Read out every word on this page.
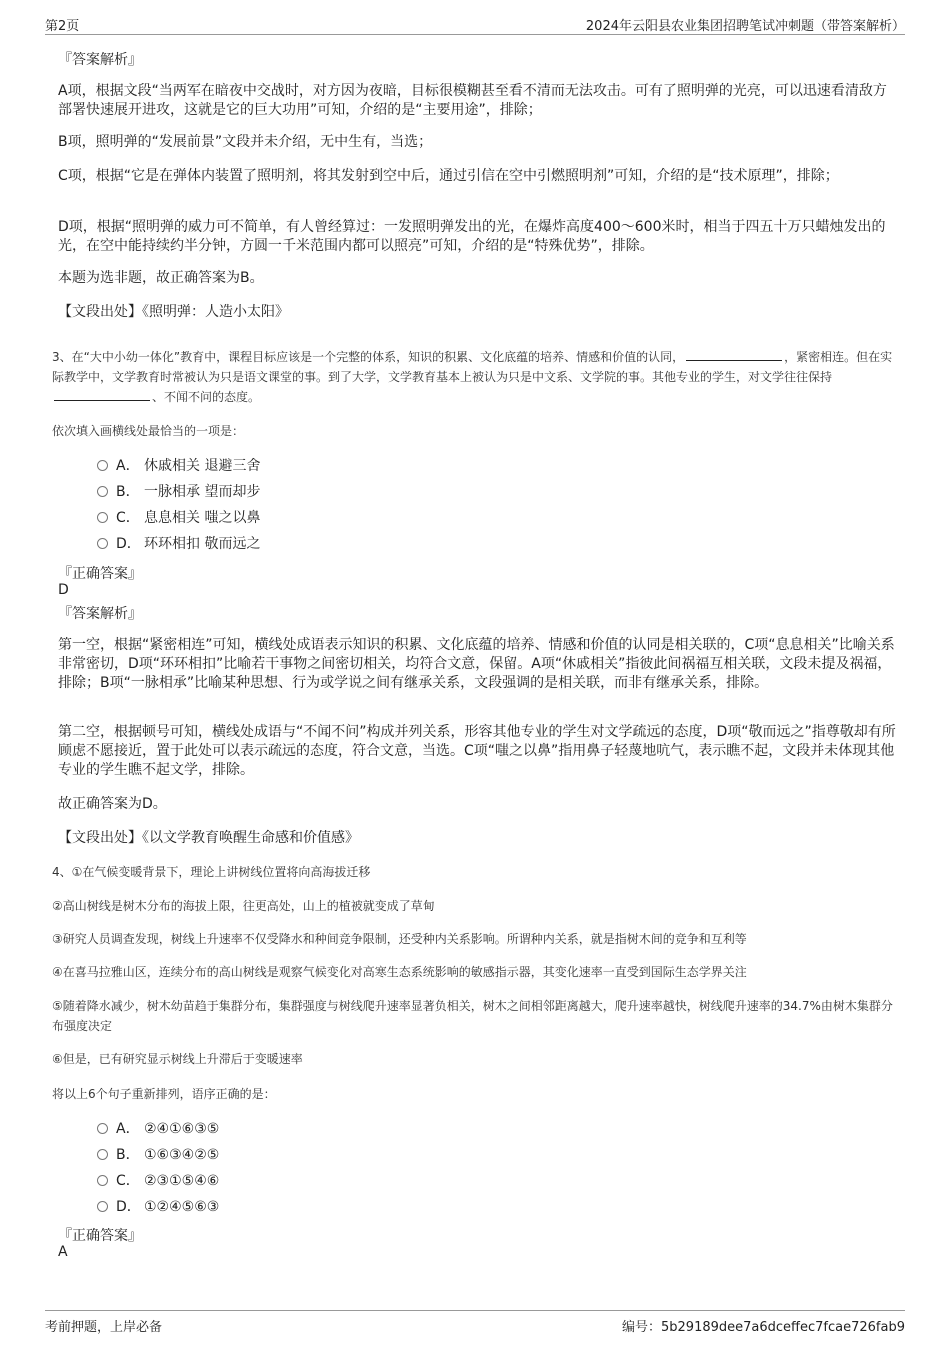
第2页	2024年云阳县农业集团招聘笔试冲刺题（带答案解析）
『答案解析』

A项，根据文段“当两军在暗夜中交战时，对方因为夜暗，目标很模糊甚至看不清而无法攻击。可有了照明弹的光亮，可以迅速看清敌方部署快速展开进攻，这就是它的巨大功用”可知，介绍的是“主要用途”，排除；

B项，照明弹的“发展前景”文段并未介绍，无中生有，当选；

C项，根据“它是在弹体内装置了照明剂，将其发射到空中后，通过引信在空中引燃照明剂”可知，介绍的是“技术原理”，排除；

D项，根据“照明弹的威力可不简单，有人曾经算过：一发照明弹发出的光，在爆炸高度400～600米时，相当于四五十万只蜡烛发出的光，在空中能持续约半分钟，方圆一千米范围内都可以照亮”可知，介绍的是“特殊优势”，排除。

本题为选非题，故正确答案为B。

【文段出处】《照明弹：人造小太阳》

3、在“大中小幼一体化”教育中，课程目标应该是一个完整的体系，知识的积累、文化底蕴的培养、情感和价值的认同，	，紧密相连。但在实际教学中，文学教育时常被认为只是语文课堂的事。到了大学，文学教育基本上被认为只是中文系、文学院的事。其他专业的学生，对文学往往保持、不闻不问的态度。

依次填入画横线处最恰当的一项是：

A． 休戚相关 退避三舍
B． 一脉相承 望而却步
C． 息息相关 嗤之以鼻
D． 环环相扣 敬而远之
『正确答案』
D
『答案解析』

第一空，根据“紧密相连”可知，横线处成语表示知识的积累、文化底蕴的培养、情感和价值的认同是相关联的，C项“息息相关”比喻关系非常密切，D项“环环相扣”比喻若干事物之间密切相关，均符合文意，保留。A项“休戚相关”指彼此间祸福互相关联，文段未提及祸福，排除；B项“一脉相承”比喻某种思想、行为或学说之间有继承关系，文段强调的是相关联，而非有继承关系，排除。

第二空，根据顿号可知，横线处成语与“不闻不问”构成并列关系，形容其他专业的学生对文学疏远的态度，D项“敬而远之”指尊敬却有所顾虑不愿接近，置于此处可以表示疏远的态度，符合文意，当选。C项“嗤之以鼻”指用鼻子轻蔑地吭气，表示瞧不起，文段并未体现其他专业的学生瞧不起文学，排除。

故正确答案为D。

【文段出处】《以文学教育唤醒生命感和价值感》

4、①在气候变暖背景下，理论上讲树线位置将向高海拔迁移

②高山树线是树木分布的海拔上限，往更高处，山上的植被就变成了草甸

③研究人员调查发现，树线上升速率不仅受降水和种间竞争限制，还受种内关系影响。所谓种内关系，就是指树木间的竞争和互利等

④在喜马拉雅山区，连续分布的高山树线是观察气候变化对高寒生态系统影响的敏感指示器，其变化速率一直受到国际生态学界关注

⑤随着降水减少，树木幼苗趋于集群分布，集群强度与树线爬升速率显著负相关，树木之间相邻距离越大，爬升速率越快，树线爬升速率的34.7%由树木集群分布强度决定

⑥但是，已有研究显示树线上升滞后于变暖速率

将以上6个句子重新排列，语序正确的是：

A． ②④①⑥③⑤
B． ①⑥③④②⑤
C． ②③①⑤④⑥
D． ①②④⑤⑥③
『正确答案』
A
考前押题，上岸必备	编号：5b29189dee7a6dceffec7fcae726fab9
